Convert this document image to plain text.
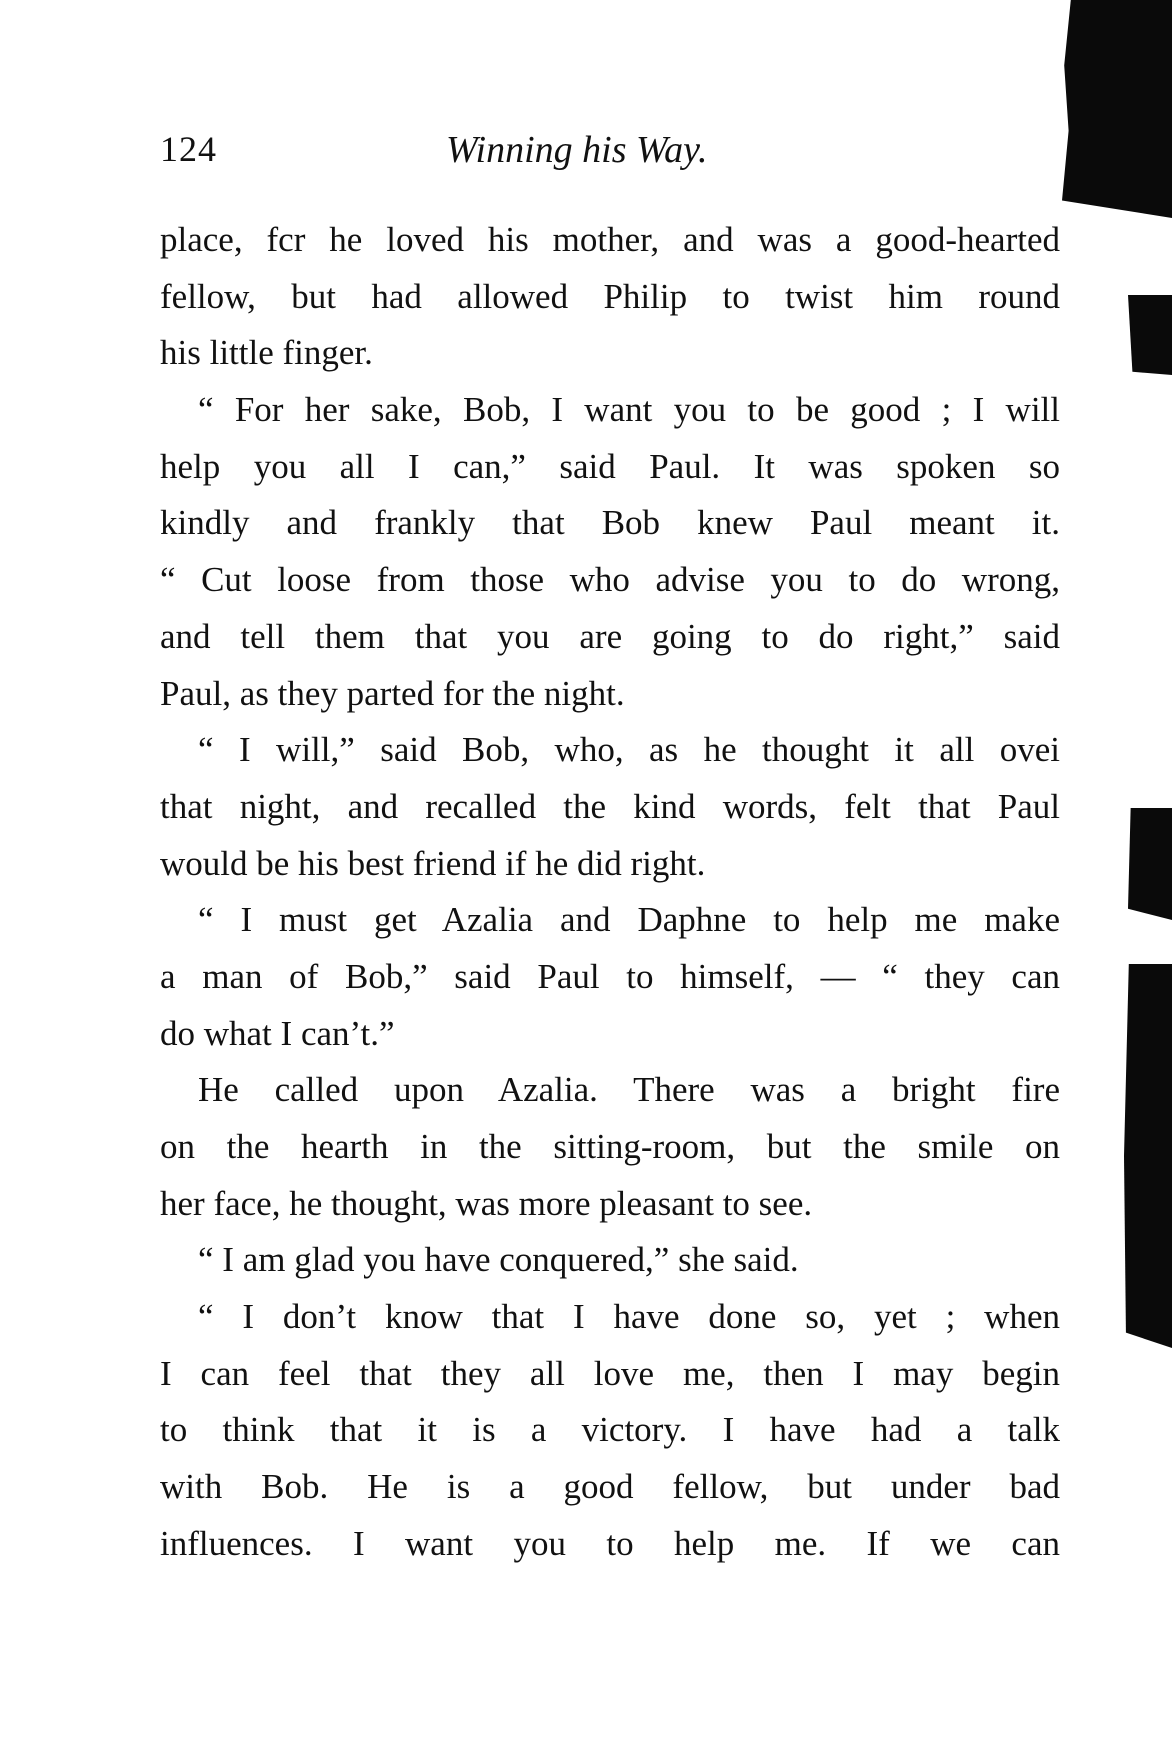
124	Winning his Way.
place, fcr he loved his mother, and was a good-hearted
fellow, but had allowed Philip to twist him round
his little finger.
“ For her sake, Bob, I want you to be good ; I will
help you all I can,” said Paul. It was spoken so
kindly and frankly that Bob knew Paul meant it.
“ Cut loose from those who advise you to do wrong,
and tell them that you are going to do right,” said
Paul, as they parted for the night.
“ I will,” said Bob, who, as he thought it all ovei
that night, and recalled the kind words, felt that Paul
would be his best friend if he did right.
“ I must get Azalia and Daphne to help me make
a man of Bob,” said Paul to himself, — “ they can
do what I can’t.”
He called upon Azalia. There was a bright fire
on the hearth in the sitting-room, but the smile on
her face, he thought, was more pleasant to see.
“ I am glad you have conquered,” she said.
“ I don’t know that I have done so, yet ; when
I can feel that they all love me, then I may begin
to think that it is a victory. I have had a talk
with Bob. He is a good fellow, but under bad
influences. I want you to help me. If we can
